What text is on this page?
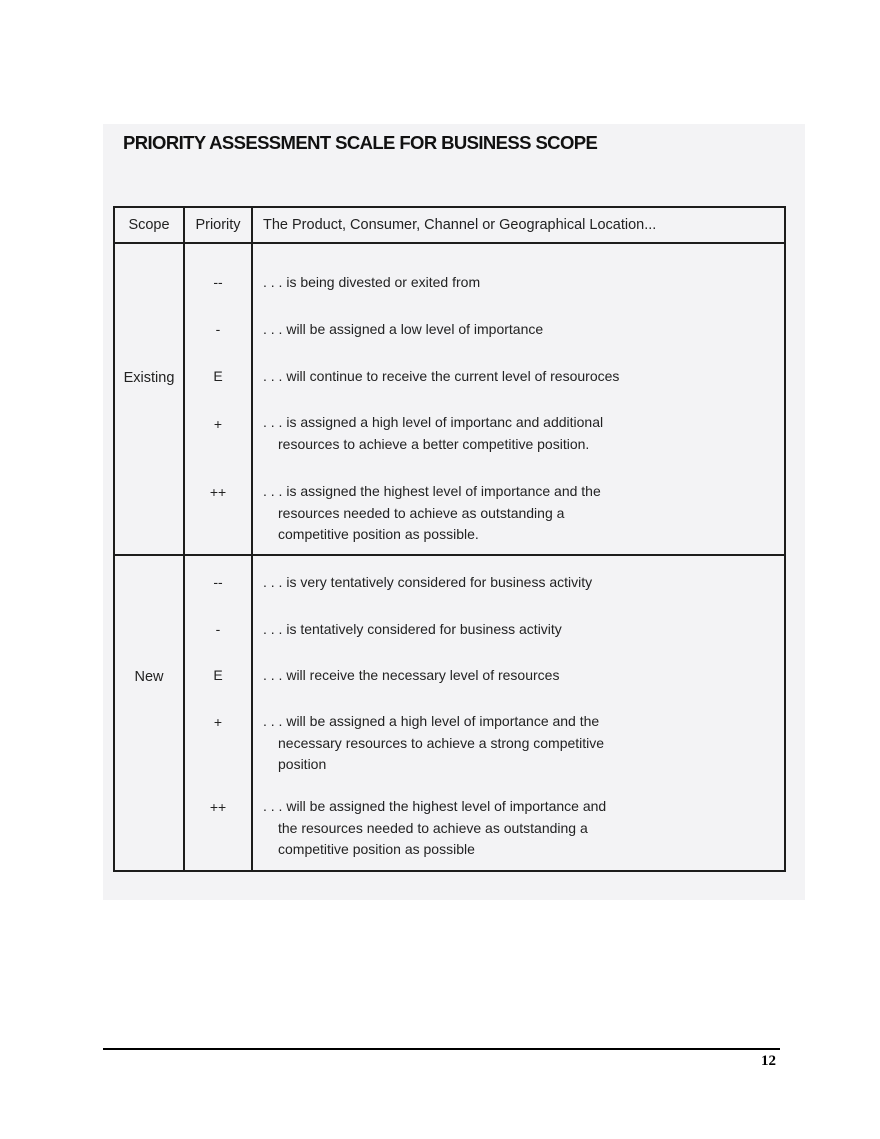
PRIORITY ASSESSMENT SCALE FOR BUSINESS SCOPE
Scope	Priority	The Product, Consumer, Channel or Geographical Location...
Existing
--	. . . is being divested or exited from
-	. . . will be assigned a low level of importance
E	. . . will continue to receive the current level of resouroces
+	. . . is assigned a high level of importanc and additional
resources to achieve a better competitive position.
++	. . . is assigned the highest level of importance and the
resources needed to achieve as outstanding a
competitive position as possible.
New
--	. . . is very tentatively considered for business activity
-	. . . is tentatively considered for business activity
E	. . . will receive the necessary level of resources
+	. . . will be assigned a high level of importance and the
necessary resources to achieve a strong competitive
position
++	. . . will be assigned the highest level of importance and
the resources needed to achieve as outstanding a
competitive position as possible
12
